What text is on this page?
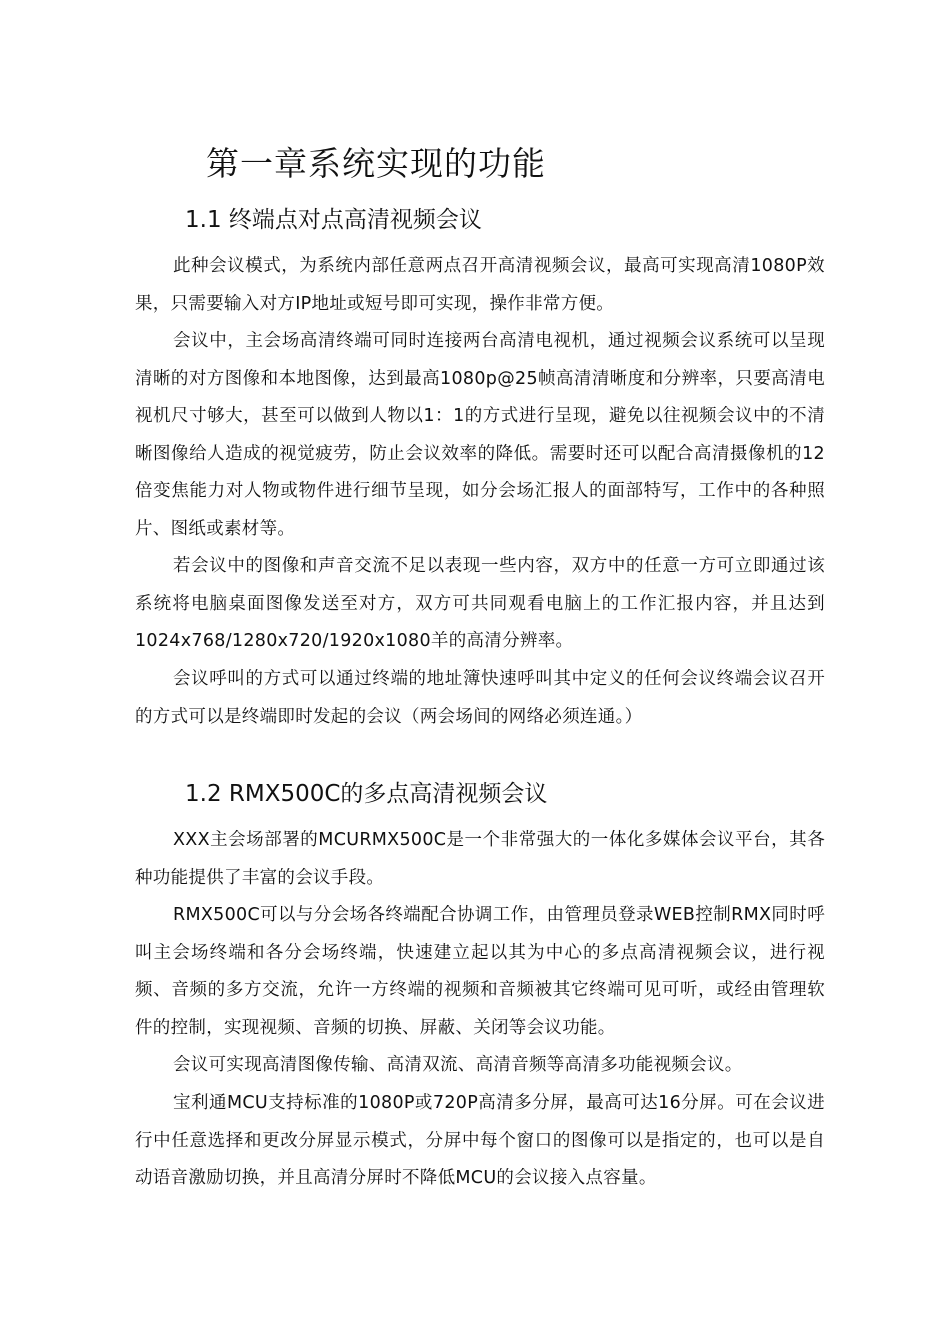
第一章系统实现的功能
1.1 终端点对点高清视频会议

此种会议模式，为系统内部任意两点召开高清视频会议，最高可实现高清1080P效果，只需要输入对方IP地址或短号即可实现，操作非常方便。

会议中，主会场高清终端可同时连接两台高清电视机，通过视频会议系统可以呈现清晰的对方图像和本地图像，达到最高1080p@25帧高清清晰度和分辨率，只要高清电视机尺寸够大，甚至可以做到人物以1：1的方式进行呈现，避免以往视频会议中的不清晰图像给人造成的视觉疲劳，防止会议效率的降低。需要时还可以配合高清摄像机的12倍变焦能力对人物或物件进行细节呈现，如分会场汇报人的面部特写，工作中的各种照片、图纸或素材等。

若会议中的图像和声音交流不足以表现一些内容，双方中的任意一方可立即通过该系统将电脑桌面图像发送至对方，双方可共同观看电脑上的工作汇报内容，并且达到1024x768/1280x720/1920x1080羊的高清分辨率。

会议呼叫的方式可以通过终端的地址簿快速呼叫其中定义的任何会议终端会议召开的方式可以是终端即时发起的会议（两会场间的网络必须连通。）

1.2 RMX500C的多点高清视频会议

XXX主会场部署的MCURMX500C是一个非常强大的一体化多媒体会议平台，其各种功能提供了丰富的会议手段。

RMX500C可以与分会场各终端配合协调工作，由管理员登录WEB控制RMX同时呼叫主会场终端和各分会场终端，快速建立起以其为中心的多点高清视频会议，进行视频、音频的多方交流，允许一方终端的视频和音频被其它终端可见可听，或经由管理软件的控制，实现视频、音频的切换、屏蔽、关闭等会议功能。

会议可实现高清图像传输、高清双流、高清音频等高清多功能视频会议。

宝利通MCU支持标准的1080P或720P高清多分屏，最高可达16分屏。可在会议进行中任意选择和更改分屏显示模式，分屏中每个窗口的图像可以是指定的，也可以是自动语音激励切换，并且高清分屏时不降低MCU的会议接入点容量。
